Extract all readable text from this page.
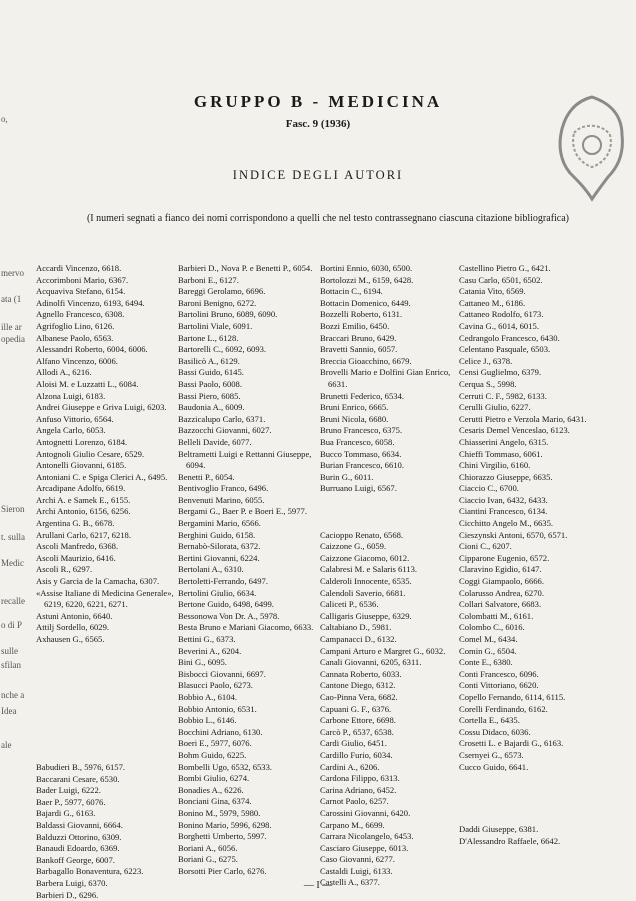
o,
mervo
ata (1
ille ar
opedia
Sieron
t. sulla
Medic
recalle
o di P
sulle
sfilan
nche a
Idea
ale
GRUPPO B - MEDICINA
Fasc. 9 (1936)
INDICE DEGLI AUTORI
(I numeri segnati a fianco dei nomi corrispondono a quelli che nel testo contrassegnano ciascuna citazione bibliografica)
Accardi Vincenzo, 6618.
Accorimboni Mario, 6367.
Acquaviva Stefano, 6154.
Adinolfi Vincenzo, 6193, 6494.
Agnello Francesco, 6308.
Agrifoglio Lino, 6126.
Albanese Paolo, 6563.
Alessandri Roberto, 6004, 6006.
Alfano Vincenzo, 6006.
Allodi A., 6216.
Aloisi M. e Luzzatti L., 6084.
Alzona Luigi, 6183.
Andrei Giuseppe e Griva Luigi, 6203.
Anfuso Vittorio, 6564.
Angela Carlo, 6053.
Antognetti Lorenzo, 6184.
Antognoli Giulio Cesare, 6529.
Antonelli Giovanni, 6185.
Antoniani C. e Spiga Clerici A., 6495.
Arcadipane Adolfo, 6619.
Archi A. e Samek E., 6155.
Archi Antonio, 6156, 6256.
Argentina G. B., 6678.
Arullani Carlo, 6217, 6218.
Ascoli Manfredo, 6368.
Ascoli Maurizio, 6416.
Ascoli R., 6297.
Asis y Garcia de la Camacha, 6307.
«Assise Italiane di Medicina Generale», 6219, 6220, 6221, 6271.
Astuni Antonio, 6640.
Attilj Sordello, 6029.
Axhausen G., 6565.
Babudieri B., 5976, 6157.
Baccarani Cesare, 6530.
Bader Luigi, 6222.
Baer P., 5977, 6076.
Bajardi G., 6163.
Baldassi Giovanni, 6664.
Balduzzi Ottorino, 6309.
Banaudi Edoardo, 6369.
Bankoff George, 6007.
Barbagallo Bonaventura, 6223.
Barbera Luigi, 6370.
Barbieri D., 6296.
Barbieri D., Nova P. e Benetti P., 6054.
Barboni E., 6127.
Bareggi Gerolamo, 6696.
Baroni Benigno, 6272.
Bartolini Bruno, 6089, 6090.
Bartolini Viale, 6091.
Bartone L., 6128.
Bartorelli C., 6092, 6093.
Basilicò A., 6129.
Bassi Guido, 6145.
Bassi Paolo, 6008.
Bassi Piero, 6085.
Baudonia A., 6009.
Bazzicalupo Carlo, 6371.
Bazzocchi Giovanni, 6027.
Belleli Davide, 6077.
Beltrametti Luigi e Rettanni Giuseppe, 6094.
Benetti P., 6054.
Bentivoglio Franco, 6496.
Benvenuti Marino, 6055.
Bergami G., Baer P. e Boeri E., 5977.
Bergamini Mario, 6566.
Berghini Guido, 6158.
Bernabò-Silorata, 6372.
Bertini Giovanni, 6224.
Bertolani A., 6310.
Bertoletti-Ferrando, 6497.
Bertolini Giulio, 6634.
Bertone Guido, 6498, 6499.
Bessonowa Von Dr. A., 5978.
Besta Bruno e Mariani Giacomo, 6633.
Bettini G., 6373.
Beverini A., 6204.
Bini G., 6095.
Bisbocci Giovanni, 6697.
Blasucci Paolo, 6273.
Bobbio A., 6104.
Bobbio Antonio, 6531.
Bobbio L., 6146.
Bocchini Adriano, 6130.
Boeri E., 5977, 6076.
Bohm Guido, 6225.
Bombelli Ugo, 6532, 6533.
Bombi Giulio, 6274.
Bonadies A., 6226.
Bonciani Gina, 6374.
Bonino M., 5979, 5980.
Bonino Mario, 5996, 6298.
Borghetti Umberto, 5997.
Boriani A., 6056.
Boriani G., 6275.
Borsotti Pier Carlo, 6276.
Bortini Ennio, 6030, 6500.
Bortolozzi M., 6159, 6428.
Bottacin C., 6194.
Bottacin Domenico, 6449.
Bozzelli Roberto, 6131.
Bozzi Emilio, 6450.
Braccari Bruno, 6429.
Bravetti Sannio, 6057.
Breccia Gioacchino, 6679.
Brovelli Mario e Dolfini Gian Enrico, 6631.
Brunetti Federico, 6534.
Bruni Enrico, 6665.
Bruni Nicola, 6680.
Bruno Francesco, 6375.
Bua Francesco, 6058.
Bucco Tommaso, 6634.
Burian Francesco, 6610.
Burin G., 6011.
Burruano Luigi, 6567.

Cacioppo Renato, 6568.
Caizzone G., 6059.
Caizzone Giacomo, 6012.
Calabresi M. e Salaris 6113.
Calderoli Innocente, 6535.
Calendoli Saverio, 6681.
Caliceti P., 6536.
Calligaris Giuseppe, 6329.
Caltabiano D., 5981.
Campanacci D., 6132.
Campani Arturo e Margret G., 6032.
Canali Giovanni, 6205, 6311.
Cannata Roberto, 6033.
Cantone Diego, 6312.
Cao-Pinna Vera, 6682.
Capuani G. F., 6376.
Carbone Ettore, 6698.
Carcò P., 6537, 6538.
Cardi Giulio, 6451.
Cardillo Furio, 6034.
Cardini A., 6206.
Cardona Filippo, 6313.
Carina Adriano, 6452.
Carnot Paolo, 6257.
Carossini Giovanni, 6420.
Carpano M., 6699.
Carrara Nicolangelo, 6453.
Casciaro Giuseppe, 6013.
Caso Giovanni, 6277.
Castaldi Luigi, 6133.
Castelli A., 6377.
Castellino Pietro G., 6421.
Casu Carlo, 6501, 6502.
Catania Vito, 6569.
Cattaneo M., 6186.
Cattaneo Rodolfo, 6173.
Cavina G., 6014, 6015.
Cedrangolo Francesco, 6430.
Celentano Pasquale, 6503.
Celice J., 6378.
Censi Guglielmo, 6379.
Cerqua S., 5998.
Cerruti C. F., 5982, 6133.
Cerulli Giulio, 6227.
Cerutti Pietro e Verzola Mario, 6431.
Cesaris Demel Venceslao, 6123.
Chiasserini Angelo, 6315.
Chieffi Tommaso, 6061.
Chini Virgilio, 6160.
Chiorazzo Giuseppe, 6635.
Ciaccio C., 6700.
Ciaccio Ivan, 6432, 6433.
Ciantini Francesco, 6134.
Cicchitto Angelo M., 6635.
Cieszynski Antoni, 6570, 6571.
Cioni C., 6207.
Cipparone Eugenio, 6572.
Claravino Egidio, 6147.
Coggi Giampaolo, 6666.
Colarusso Andrea, 6270.
Collari Salvatore, 6683.
Colombatti M., 6161.
Colombo C., 6016.
Comel M., 6434.
Comin G., 6504.
Conte E., 6380.
Conti Francesco, 6096.
Conti Vittoriano, 6620.
Copello Fernando, 6114, 6115.
Corelli Ferdinando, 6162.
Cortella E., 6435.
Cossu Didaco, 6036.
Crosetti L. e Bajardi G., 6163.
Csernyei G., 6573.
Cucco Guido, 6641.
Daddi Giuseppe, 6381.
D'Alessandro Raffaele, 6642.
— I —
